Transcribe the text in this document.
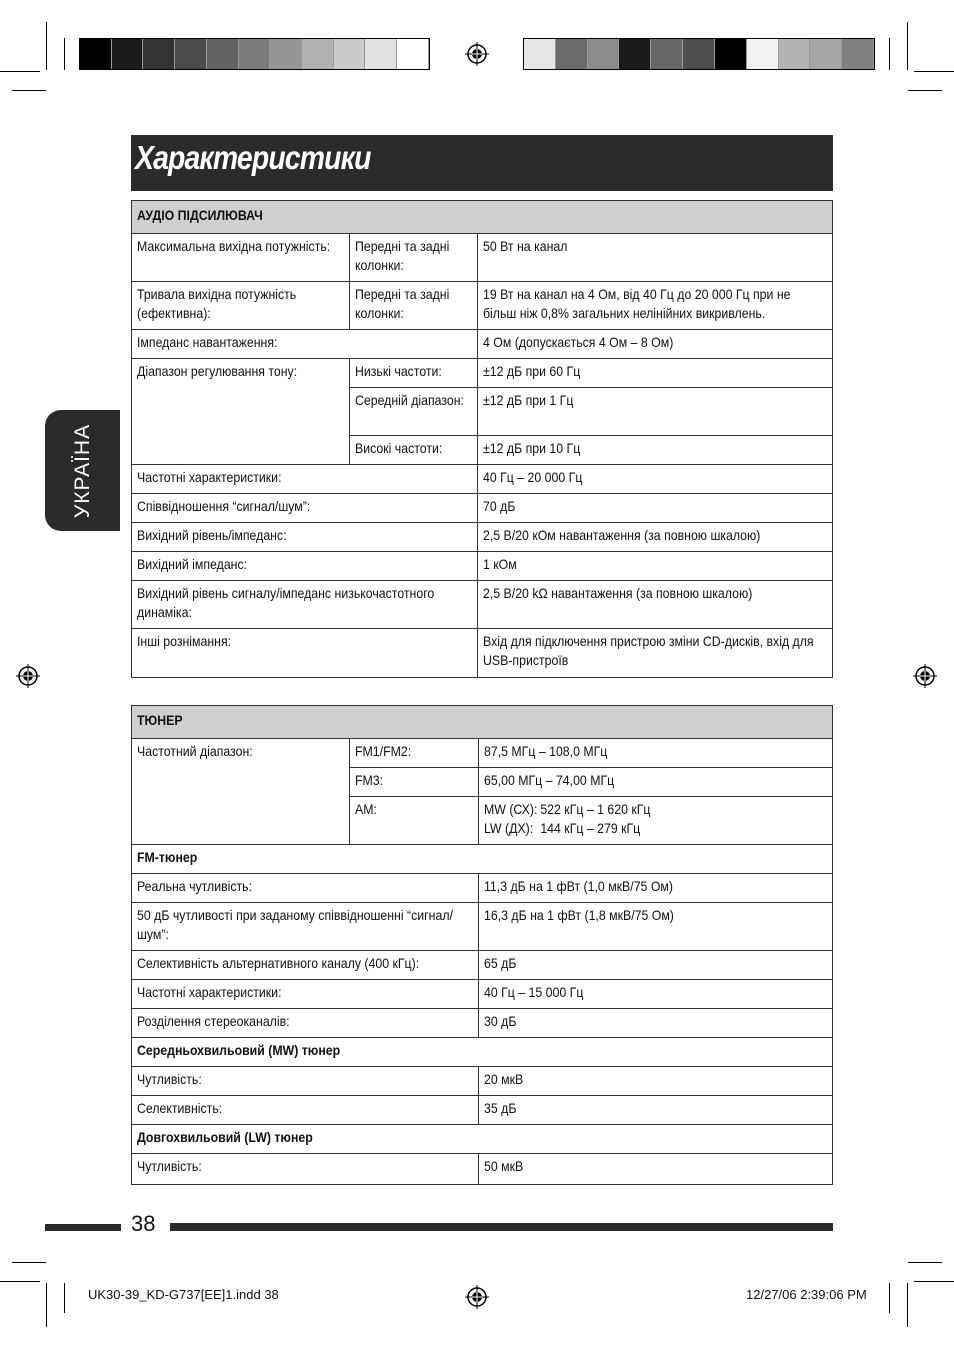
Характеристики
УКРАЇНА
АУДІО ПІДСИЛЮВАЧ		

Максимальна вихідна потужність:	Передні та задні колонки:	50 Вт на канал

Тривала вихідна потужність (ефективна):	Передні та задні колонки:	19 Вт на канал на 4 Ом, від 40 Гц до 20 000 Гц при не більш ніж 0,8% загальних нелінійних викривлень.

Імпеданс навантаження:		4 Ом (допускається 4 Ом – 8 Ом)
Діапазон регулювання тону:	Низькі частоти:	±12 дБ при 60 Гц

	Середній діапазон:	±12 дБ при 1 Гц
	Високі частоти:	±12 дБ при 10 Гц
Частотні характеристики:		40 Гц – 20 000 Гц
Співвідношення “сигнал/шум”:		70 дБ
Вихідний рівень/імпеданс:		2,5 В/20 кОм навантаження (за повною шкалою)
Вихідний імпеданс:		1 кОм

Вихідний рівень сигналу/імпеданс низькочастотного динаміка:		2,5 В/20 kΩ навантаження (за повною шкалою)

Інші рознімання:		Вхід для підключення пристрою зміни CD-дисків, вхід для USB-пристроїв
ТЮНЕР		
Частотний діапазон:	FM1/FM2:	87,5 МГц – 108,0 МГц
	FM3:	65,00 МГц – 74,00 МГц
	AM:	MW (СХ): 522 кГц – 1 620 кГц
LW (ДХ): 144 кГц – 279 кГц
FM-тюнер		
Реальна чутливість:		11,3 дБ на 1 фВт (1,0 мкВ/75 Ом)

50 дБ чутливості при заданому співвідношенні “сигнал/шум”:		16,3 дБ на 1 фВт (1,8 мкВ/75 Ом)
Селективність альтернативного каналу (400 кГц):		65 дБ
Частотні характеристики:		40 Гц – 15 000 Гц
Розділення стереоканалів:		30 дБ
Середньохвильовий (MW) тюнер		
Чутливість:		20 мкВ
Селективність:		35 дБ
Довгохвильовий (LW) тюнер		
Чутливість:		50 мкВ
38
UK30-39_KD-G737[EE]1.indd 38	12/27/06 2:39:06 PM
